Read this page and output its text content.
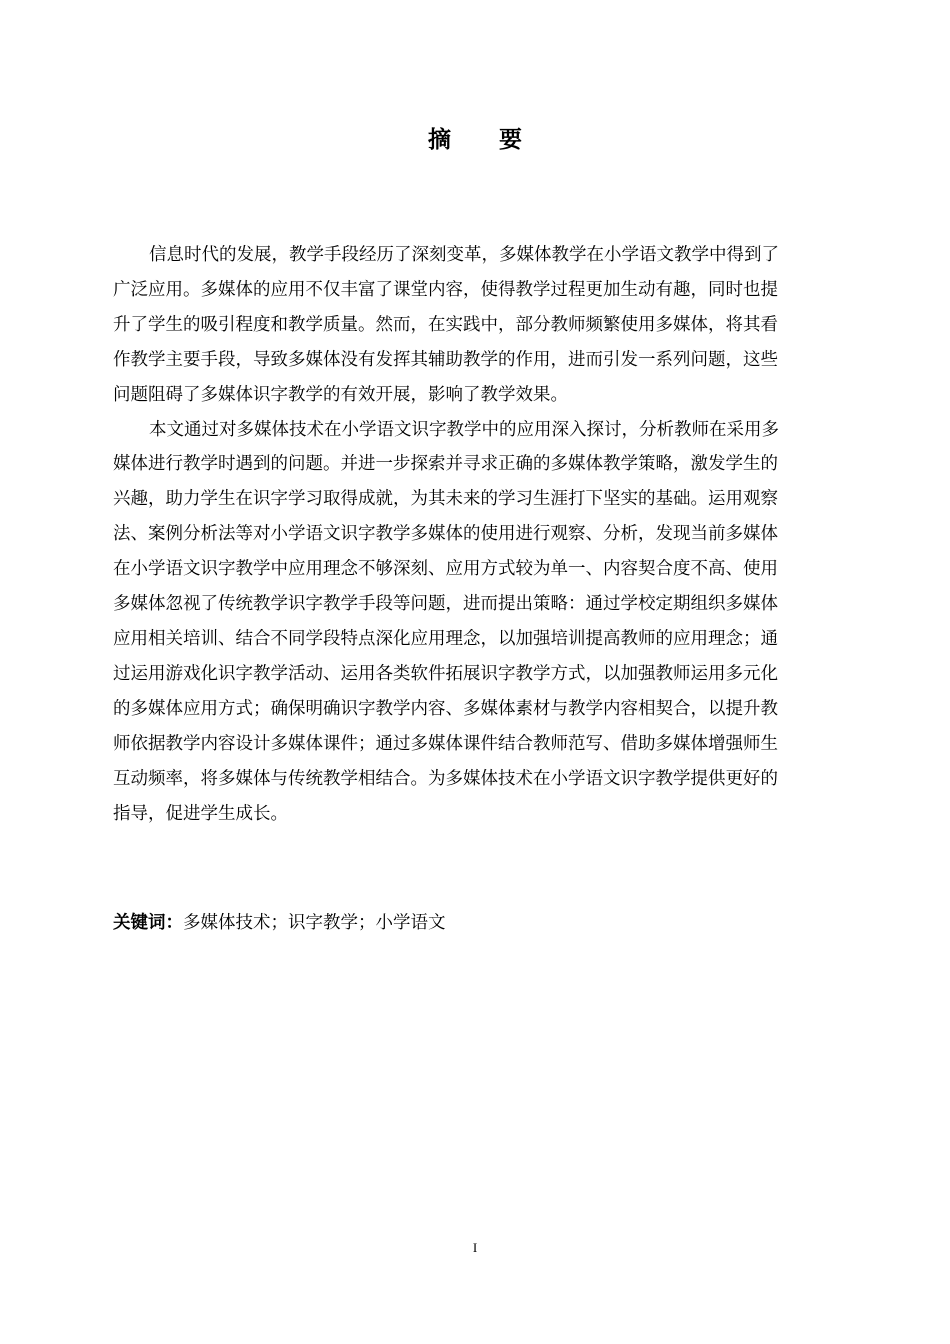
摘 要

信息时代的发展，教学手段经历了深刻变革，多媒体教学在小学语文教学中得到了
广泛应用。多媒体的应用不仅丰富了课堂内容，使得教学过程更加生动有趣，同时也提
升了学生的吸引程度和教学质量。然而，在实践中，部分教师频繁使用多媒体，将其看
作教学主要手段，导致多媒体没有发挥其辅助教学的作用，进而引发一系列问题，这些
问题阻碍了多媒体识字教学的有效开展，影响了教学效果。

本文通过对多媒体技术在小学语文识字教学中的应用深入探讨，分析教师在采用多
媒体进行教学时遇到的问题。并进一步探索并寻求正确的多媒体教学策略，激发学生的
兴趣，助力学生在识字学习取得成就，为其未来的学习生涯打下坚实的基础。运用观察
法、案例分析法等对小学语文识字教学多媒体的使用进行观察、分析，发现当前多媒体
在小学语文识字教学中应用理念不够深刻、应用方式较为单一、内容契合度不高、使用
多媒体忽视了传统教学识字教学手段等问题，进而提出策略：通过学校定期组织多媒体
应用相关培训、结合不同学段特点深化应用理念，以加强培训提高教师的应用理念；通
过运用游戏化识字教学活动、运用各类软件拓展识字教学方式，以加强教师运用多元化
的多媒体应用方式；确保明确识字教学内容、多媒体素材与教学内容相契合，以提升教
师依据教学内容设计多媒体课件；通过多媒体课件结合教师范写、借助多媒体增强师生
互动频率，将多媒体与传统教学相结合。为多媒体技术在小学语文识字教学提供更好的
指导，促进学生成长。

关键词：多媒体技术；识字教学；小学语文
I
